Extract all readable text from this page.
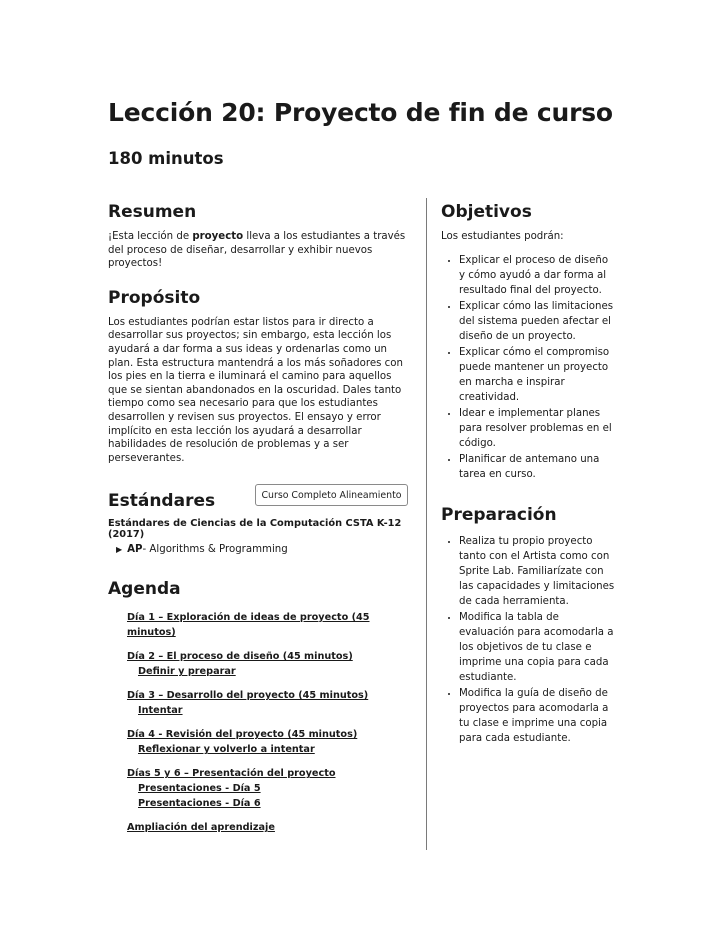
Lección 20: Proyecto de fin de curso
180 minutos
Resumen

¡Esta lección de proyecto lleva a los estudiantes a través del proceso de diseñar, desarrollar y exhibir nuevos proyectos!

Propósito

Los estudiantes podrían estar listos para ir directo a desarrollar sus proyectos; sin embargo, esta lección los ayudará a dar forma a sus ideas y ordenarlas como un plan. Esta estructura mantendrá a los más soñadores con los pies en la tierra e iluminará el camino para aquellos que se sientan abandonados en la oscuridad. Dales tanto tiempo como sea necesario para que los estudiantes desarrollen y revisen sus proyectos. El ensayo y error implícito en esta lección los ayudará a desarrollar habilidades de resolución de problemas y a ser perseverantes.

Estándares	Curso Completo Alineamiento
Estándares de Ciencias de la Computación CSTA K-12 (2017)
▶ AP - Algorithms & Programming
Agenda
Día 1 – Exploración de ideas de proyecto (45 minutos)
Día 2 – El proceso de diseño (45 minutos)
Definir y preparar
Día 3 – Desarrollo del proyecto (45 minutos)
Intentar
Día 4 - Revisión del proyecto (45 minutos)
Reflexionar y volverlo a intentar
Días 5 y 6 – Presentación del proyecto
Presentaciones - Día 5
Presentaciones - Día 6
Ampliación del aprendizaje
Objetivos

Los estudiantes podrán:

• Explicar el proceso de diseño y cómo ayudó a dar forma al resultado final del proyecto.
• Explicar cómo las limitaciones del sistema pueden afectar el diseño de un proyecto.
• Explicar cómo el compromiso puede mantener un proyecto en marcha e inspirar creatividad.
• Idear e implementar planes para resolver problemas en el código.
• Planificar de antemano una tarea en curso.
Preparación
• Realiza tu propio proyecto tanto con el Artista como con Sprite Lab. Familiarízate con las capacidades y limitaciones de cada herramienta.
• Modifica la tabla de evaluación para acomodarla a los objetivos de tu clase e imprime una copia para cada estudiante.
• Modifica la guía de diseño de proyectos para acomodarla a tu clase e imprime una copia para cada estudiante.
